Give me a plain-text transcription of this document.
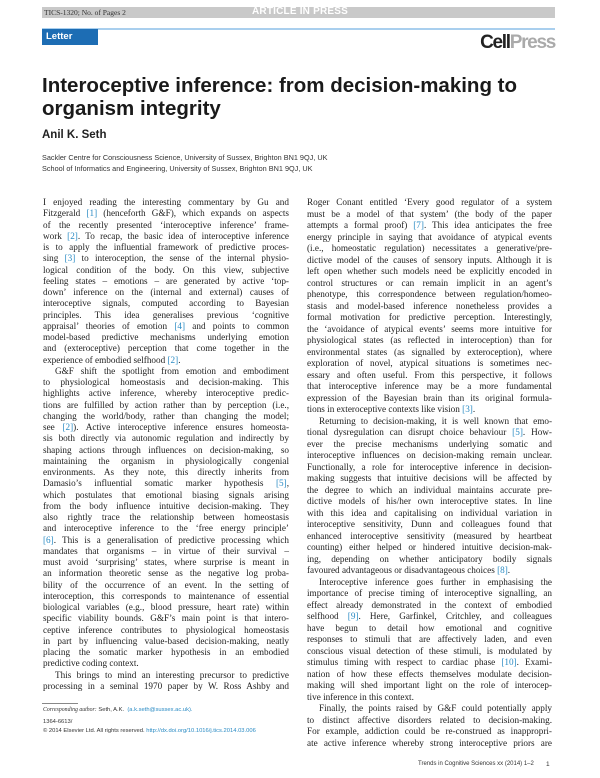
TICS-1320; No. of Pages 2	ARTICLE IN PRESS
Letter	CellPress
Interoceptive inference: from decision-making to organism integrity
Anil K. Seth
Sackler Centre for Consciousness Science, University of Sussex, Brighton BN1 9QJ, UK
School of Informatics and Engineering, University of Sussex, Brighton BN1 9QJ, UK
I enjoyed reading the interesting commentary by Gu and
Fitzgerald [1] (henceforth G&F), which expands on aspects
of the recently presented ‘interoceptive inference’ frame-
work [2]. To recap, the basic idea of interoceptive inference
is to apply the influential framework of predictive proces-
sing [3] to interoception, the sense of the internal physio-
logical condition of the body. On this view, subjective
feeling states – emotions – are generated by active ‘top-
down’ inference on the (internal and external) causes of
interoceptive signals, computed according to Bayesian
principles. This idea generalises previous ‘cognitive
appraisal’ theories of emotion [4] and points to common
model-based predictive mechanisms underlying emotion
and (exteroceptive) perception that come together in the
experience of embodied selfhood [2].
G&F shift the spotlight from emotion and embodiment
to physiological homeostasis and decision-making. This
highlights active inference, whereby interoceptive predic-
tions are fulfilled by action rather than by perception (i.e.,
changing the world/body, rather than changing the model;
see [2]). Active interoceptive inference ensures homeosta-
sis both directly via autonomic regulation and indirectly by
shaping actions through influences on decision-making, so
maintaining the organism in physiologically congenial
environments. As they note, this directly inherits from
Damasio’s influential somatic marker hypothesis [5],
which postulates that emotional biasing signals arising
from the body influence intuitive decision-making. They
also rightly trace the relationship between homeostasis
and interoceptive inference to the ‘free energy principle’
[6]. This is a generalisation of predictive processing which
mandates that organisms – in virtue of their survival –
must avoid ‘surprising’ states, where surprise is meant in
an information theoretic sense as the negative log proba-
bility of the occurrence of an event. In the setting of
interoception, this corresponds to maintenance of essential
biological variables (e.g., blood pressure, heart rate) within
specific viability bounds. G&F’s main point is that intero-
ceptive inference contributes to physiological homeostasis
in part by influencing value-based decision-making, neatly
placing the somatic marker hypothesis in an embodied
predictive coding context.
This brings to mind an interesting precursor to predictive
processing in a seminal 1970 paper by W. Ross Ashby and
Roger Conant entitled ‘Every good regulator of a system
must be a model of that system’ (the body of the paper
attempts a formal proof) [7]. This idea anticipates the free
energy principle in saying that avoidance of atypical events
(i.e., homeostatic regulation) necessitates a generative/pre-
dictive model of the causes of sensory inputs. Although it is
left open whether such models need be explicitly encoded in
control structures or can remain implicit in an agent’s
phenotype, this correspondence between regulation/homeo-
stasis and model-based inference nonetheless provides a
formal motivation for predictive perception. Interestingly,
the ‘avoidance of atypical events’ seems more intuitive for
physiological states (as reflected in interoception) than for
environmental states (as signalled by exteroception), where
exploration of novel, atypical situations is sometimes nec-
essary and often useful. From this perspective, it follows
that interoceptive inference may be a more fundamental
expression of the Bayesian brain than its original formula-
tions in exteroceptive contexts like vision [3].
Returning to decision-making, it is well known that emo-
tional dysregulation can disrupt choice behaviour [5]. How-
ever the precise mechanisms underlying somatic and
interoceptive influences on decision-making remain unclear.
Functionally, a role for interoceptive inference in decision-
making suggests that intuitive decisions will be affected by
the degree to which an individual maintains accurate pre-
dictive models of his/her own interoceptive states. In line
with this idea and capitalising on individual variation in
interoceptive sensitivity, Dunn and colleagues found that
enhanced interoceptive sensitivity (measured by heartbeat
counting) either helped or hindered intuitive decision-mak-
ing, depending on whether anticipatory bodily signals
favoured advantageous or disadvantageous choices [8].
Interoceptive inference goes further in emphasising the
importance of precise timing of interoceptive signalling, an
effect already demonstrated in the context of embodied
selfhood [9]. Here, Garfinkel, Critchley, and colleagues
have begun to detail how emotional and cognitive
responses to stimuli that are affectively laden, and even
conscious visual detection of these stimuli, is modulated by
stimulus timing with respect to cardiac phase [10]. Exami-
nation of how these effects themselves modulate decision-
making will shed important light on the role of interocep-
tive inference in this context.
Finally, the points raised by G&F could potentially apply
to distinct affective disorders related to decision-making.
For example, addiction could be re-construed as inappropri-
ate active inference whereby strong interoceptive priors are
Corresponding author: Seth, A.K. (a.k.seth@sussex.ac.uk).
1364-6613/
© 2014 Elsevier Ltd. All rights reserved. http://dx.doi.org/10.1016/j.tics.2014.03.006
Trends in Cognitive Sciences xx (2014) 1–2 1
